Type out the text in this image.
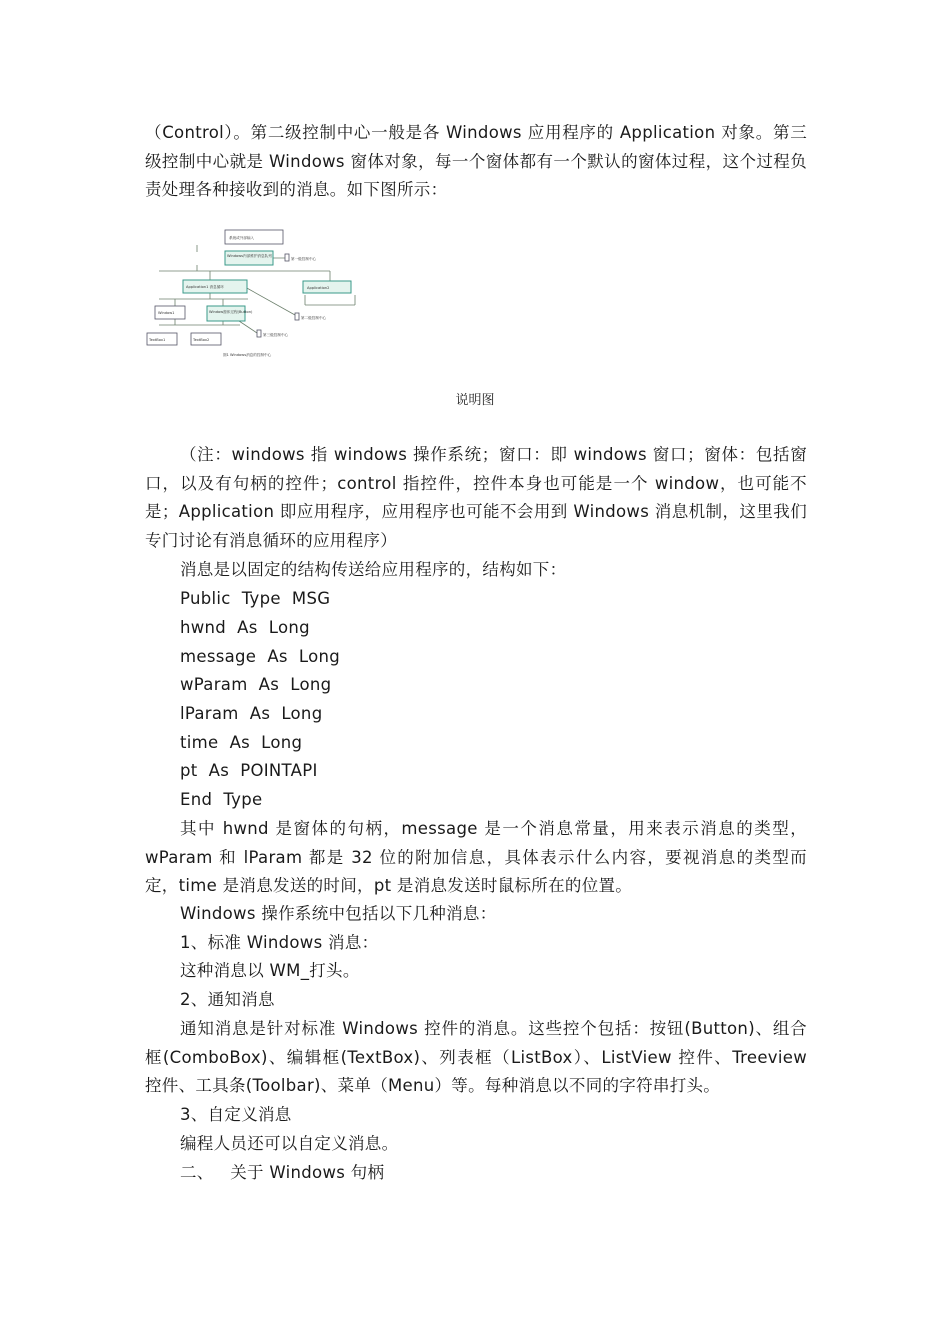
（Control）。第二级控制中心一般是各 Windows 应用程序的 Application 对象。第三级控制中心就是 Windows 窗体对象，每一个窗体都有一个默认的窗体过程，这个过程负责处理各种接收到的消息。如下图所示：

系统或外部输入
Windows内部维护消息队列
Application1 消息循环	Application2
Window1	Window窗体过程(Button)
TextBox1	TextBox2
第一级控制中心
第二级控制中心
第三级控制中心
图1 Windows消息的控制中心
说明图

（注：windows 指 windows 操作系统；窗口：即 windows 窗口；窗体：包括窗口，以及有句柄的控件；control 指控件，控件本身也可能是一个 window，也可能不是；Application 即应用程序，应用程序也可能不会用到 Windows 消息机制，这里我们专门讨论有消息循环的应用程序）

消息是以固定的结构传送给应用程序的，结构如下：

Public  Type  MSG

hwnd  As  Long

message  As  Long

wParam  As  Long

lParam  As  Long

time  As  Long

pt  As  POINTAPI

End  Type

其中 hwnd 是窗体的句柄，message 是一个消息常量，用来表示消息的类型，wParam 和 lParam 都是 32 位的附加信息，具体表示什么内容，要视消息的类型而定，time 是消息发送的时间，pt 是消息发送时鼠标所在的位置。

Windows 操作系统中包括以下几种消息：

1、标准 Windows 消息：

这种消息以 WM_打头。

2、通知消息

通知消息是针对标准 Windows 控件的消息。这些控个包括：按钮(Button)、组合框(ComboBox)、编辑框(TextBox)、列表框（ListBox）、ListView 控件、Treeview 控件、工具条(Toolbar)、菜单（Menu）等。每种消息以不同的字符串打头。

3、自定义消息

编程人员还可以自定义消息。

二、   关于 Windows 句柄
